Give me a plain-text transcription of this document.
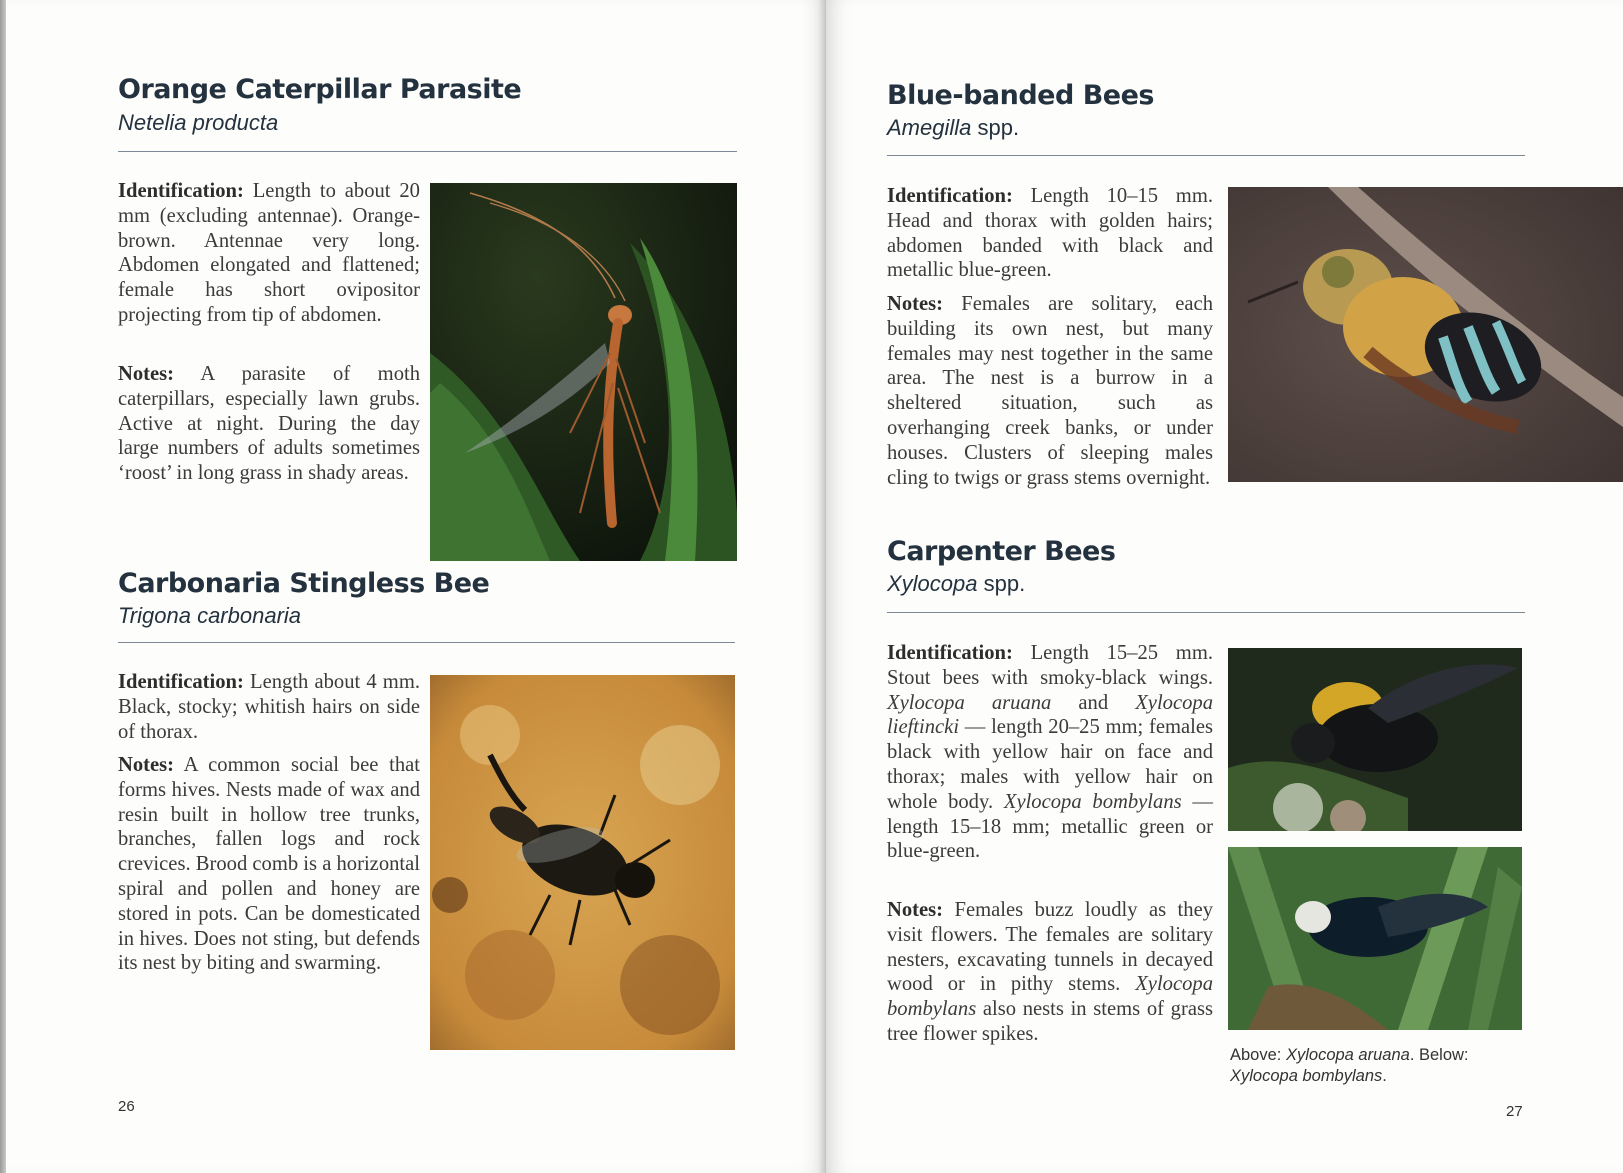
Orange Caterpillar Parasite
Netelia producta

Identification: Length to about 20 mm (excluding antennae). Orange-brown. Antennae very long. Abdomen elongated and flattened; female has short ovipositor projecting from tip of abdomen.

Notes: A parasite of moth caterpillars, especially lawn grubs. Active at night. During the day large numbers of adults sometimes ‘roost’ in long grass in shady areas.

Carbonaria Stingless Bee
Trigona carbonaria

Identification: Length about 4 mm. Black, stocky; whitish hairs on side of thorax.

Notes: A common social bee that forms hives. Nests made of wax and resin built in hollow tree trunks, branches, fallen logs and rock crevices. Brood comb is a horizontal spiral and pollen and honey are stored in pots. Can be domesticated in hives. Does not sting, but defends its nest by biting and swarming.

26
Blue-banded Bees
Amegilla spp.

Identification: Length 10–15 mm. Head and thorax with golden hairs; abdomen banded with black and metallic blue-green.

Notes: Females are solitary, each building its own nest, but many females may nest together in the same area. The nest is a burrow in a sheltered situation, such as overhanging creek banks, or under houses. Clusters of sleeping males cling to twigs or grass stems overnight.

Carpenter Bees
Xylocopa spp.

Identification: Length 15–25 mm. Stout bees with smoky-black wings. Xylocopa aruana and Xylocopa lieftincki — length 20–25 mm; females black with yellow hair on face and thorax; males with yellow hair on whole body. Xylocopa bombylans — length 15–18 mm; metallic green or blue-green.

Notes: Females buzz loudly as they visit flowers. The females are solitary nesters, excavating tunnels in decayed wood or in pithy stems. Xylocopa bombylans also nests in stems of grass tree flower spikes.

Above: Xylocopa aruana. Below: Xylocopa bombylans.
27
